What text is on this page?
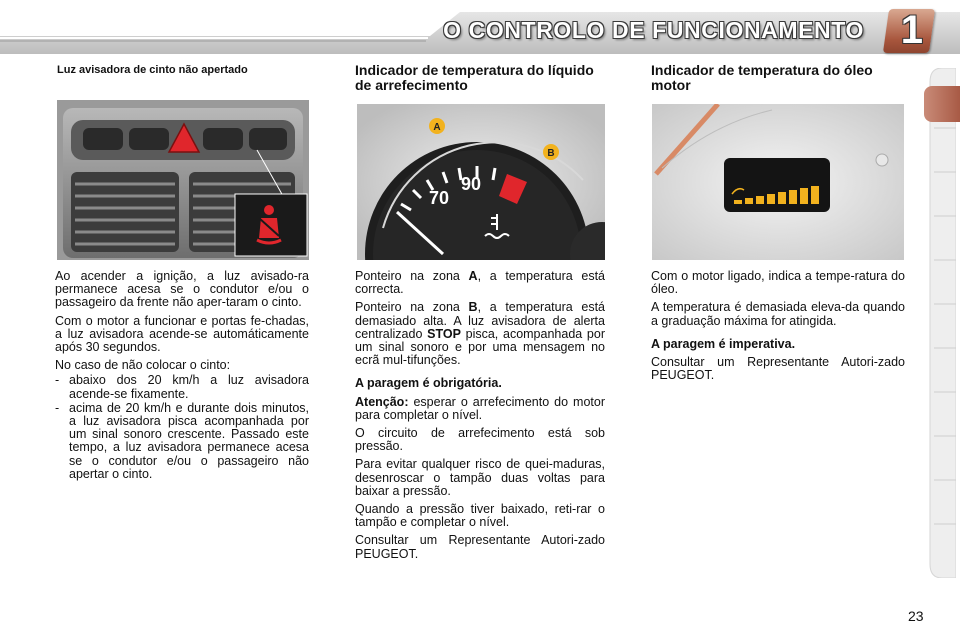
O CONTROLO DE FUNCIONAMENTO 1
Luz avisadora de cinto não apertado

Ao acender a ignição, a luz avisado-ra permanece acesa se o condutor e/ou o passageiro da frente não aper-taram o cinto.

Com o motor a funcionar e portas fe-chadas, a luz avisadora acende-se automáticamente após 30 segundos.

No caso de não colocar o cinto:

- abaixo dos 20 km/h a luz avisadora acende-se fixamente.
- acima de 20 km/h e durante dois minutos, a luz avisadora pisca acompanhada por um sinal sonoro crescente. Passado este tempo, a luz avisadora permanece acesa se o condutor e/ou o passageiro não apertar o cinto.
Indicador de temperatura do líquido de arrefecimento
70
90
A
B

Ponteiro na zona A, a temperatura está correcta.

Ponteiro na zona B, a temperatura está demasiado alta. A luz avisadora de alerta centralizado STOP pisca, acompanhada por um sinal sonoro e por uma mensagem no ecrã mul-tifunções.

A paragem é obrigatória.

Atenção: esperar o arrefecimento do motor para completar o nível.

O circuito de arrefecimento está sob pressão.

Para evitar qualquer risco de quei-maduras, desenroscar o tampão duas voltas para baixar a pressão.

Quando a pressão tiver baixado, reti-rar o tampão e completar o nível.

Consultar um Representante Autori-zado PEUGEOT.

Indicador de temperatura do óleo motor

Com o motor ligado, indica a tempe-ratura do óleo.

A temperatura é demasiada eleva-da quando a graduação máxima for atingida.

A paragem é imperativa.

Consultar um Representante Autori-zado PEUGEOT.

23
